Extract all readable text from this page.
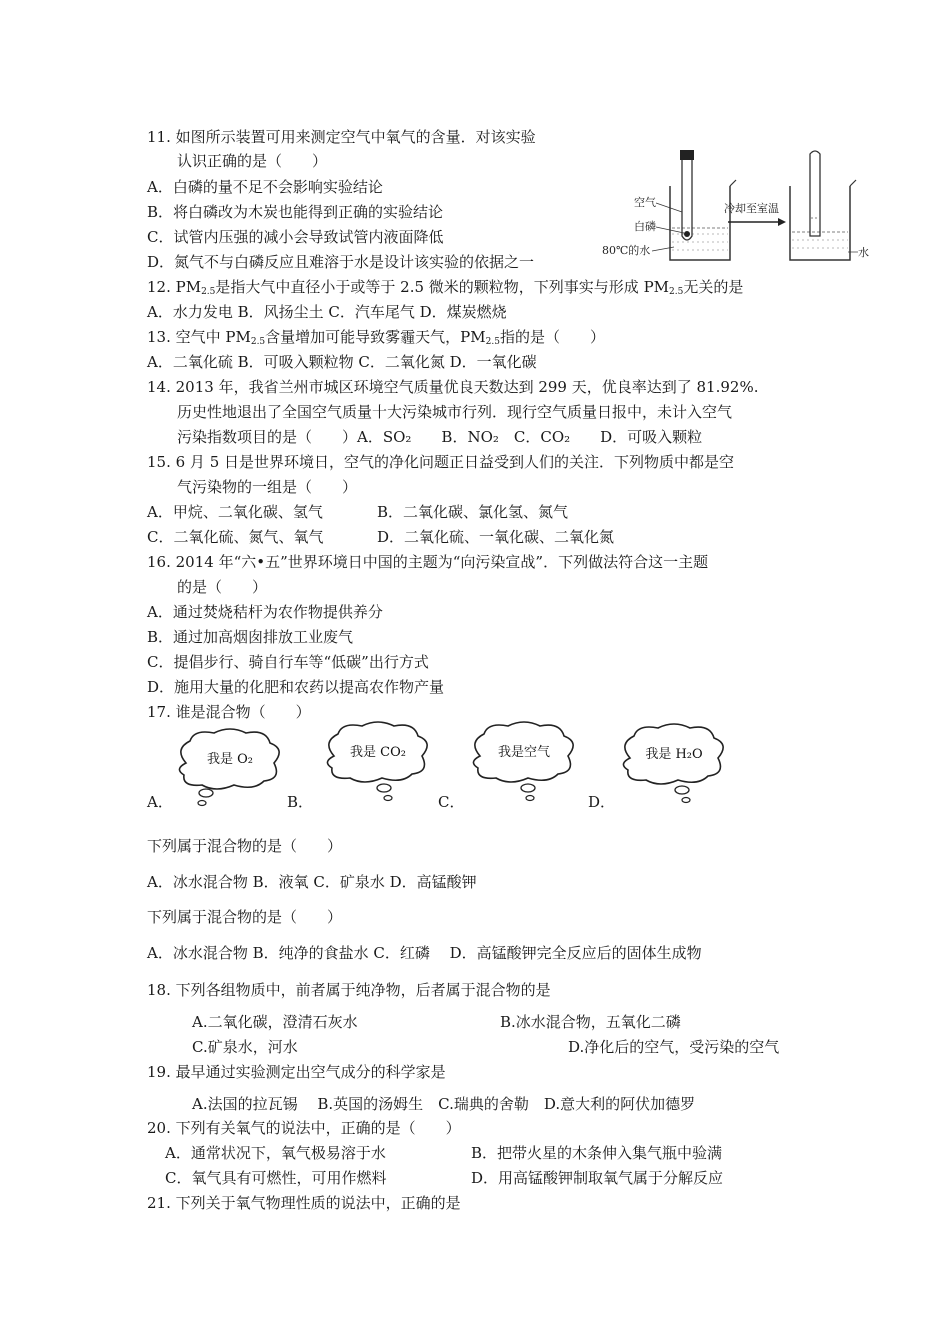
11. 如图所示装置可用来测定空气中氧气的含量．对该实验
认识正确的是（　　）
A．白磷的量不足不会影响实验结论
B．将白磷改为木炭也能得到正确的实验结论
C．试管内压强的减小会导致试管内液面降低
D．氮气不与白磷反应且难溶于水是设计该实验的依据之一
空气
白磷
80℃的水
冷却至室温
水
12. $PM_{2.5}$是指大气中直径小于或等于 2.5 微米的颗粒物，下列事实与形成 $PM_{2.5}$无关的是
A．水力发电 B．风扬尘土 C．汽车尾气 D．煤炭燃烧
13. 空气中 $PM_{2.5}$含量增加可能导致雾霾天气，$PM_{2.5}$指的是（　　）
A．二氧化硫 B．可吸入颗粒物 C．二氧化氮 D．一氧化碳
14. 2013 年，我省兰州市城区环境空气质量优良天数达到 299 天，优良率达到了 81.92%.
历史性地退出了全国空气质量十大污染城市行列．现行空气质量日报中，未计入空气
污染指数项目的是（　　）A．SO₂　　B．NO₂　C．CO₂　　D．可吸入颗粒
15. 6 月 5 日是世界环境日，空气的净化问题正日益受到人们的关注．下列物质中都是空
气污染物的一组是（　　）
A．甲烷、二氧化碳、氢气	B．二氧化碳、氯化氢、氮气
C．二氧化硫、氮气、氧气	D．二氧化硫、一氧化碳、二氧化氮
16. 2014 年“六•五”世界环境日中国的主题为“向污染宣战”．下列做法符合这一主题
的是（　　）
A．通过焚烧秸杆为农作物提供养分
B．通过加高烟囱排放工业废气
C．提倡步行、骑自行车等“低碳”出行方式
D．施用大量的化肥和农药以提高农作物产量
17. 谁是混合物（　　）
我是 O₂	我是 CO₂	我是空气	我是 H₂O
A．	B．	C．	D．
下列属于混合物的是（　　）
A．冰水混合物 B．液氧 C．矿泉水 D．高锰酸钾
下列属于混合物的是（　　）
A．冰水混合物 B．纯净的食盐水 C．红磷　 D．高锰酸钾完全反应后的固体生成物
18. 下列各组物质中，前者属于纯净物，后者属于混合物的是
A.二氧化碳，澄清石灰水	B.冰水混合物，五氧化二磷
C.矿泉水，河水	D.净化后的空气，受污染的空气
19. 最早通过实验测定出空气成分的科学家是
A.法国的拉瓦锡　 B.英国的汤姆生　C.瑞典的舍勒　D.意大利的阿伏加德罗
20. 下列有关氧气的说法中，正确的是（　　）
A．通常状况下，氧气极易溶于水	B．把带火星的木条伸入集气瓶中验满
C．氧气具有可燃性，可用作燃料	D．用高锰酸钾制取氧气属于分解反应
21. 下列关于氧气物理性质的说法中，正确的是
